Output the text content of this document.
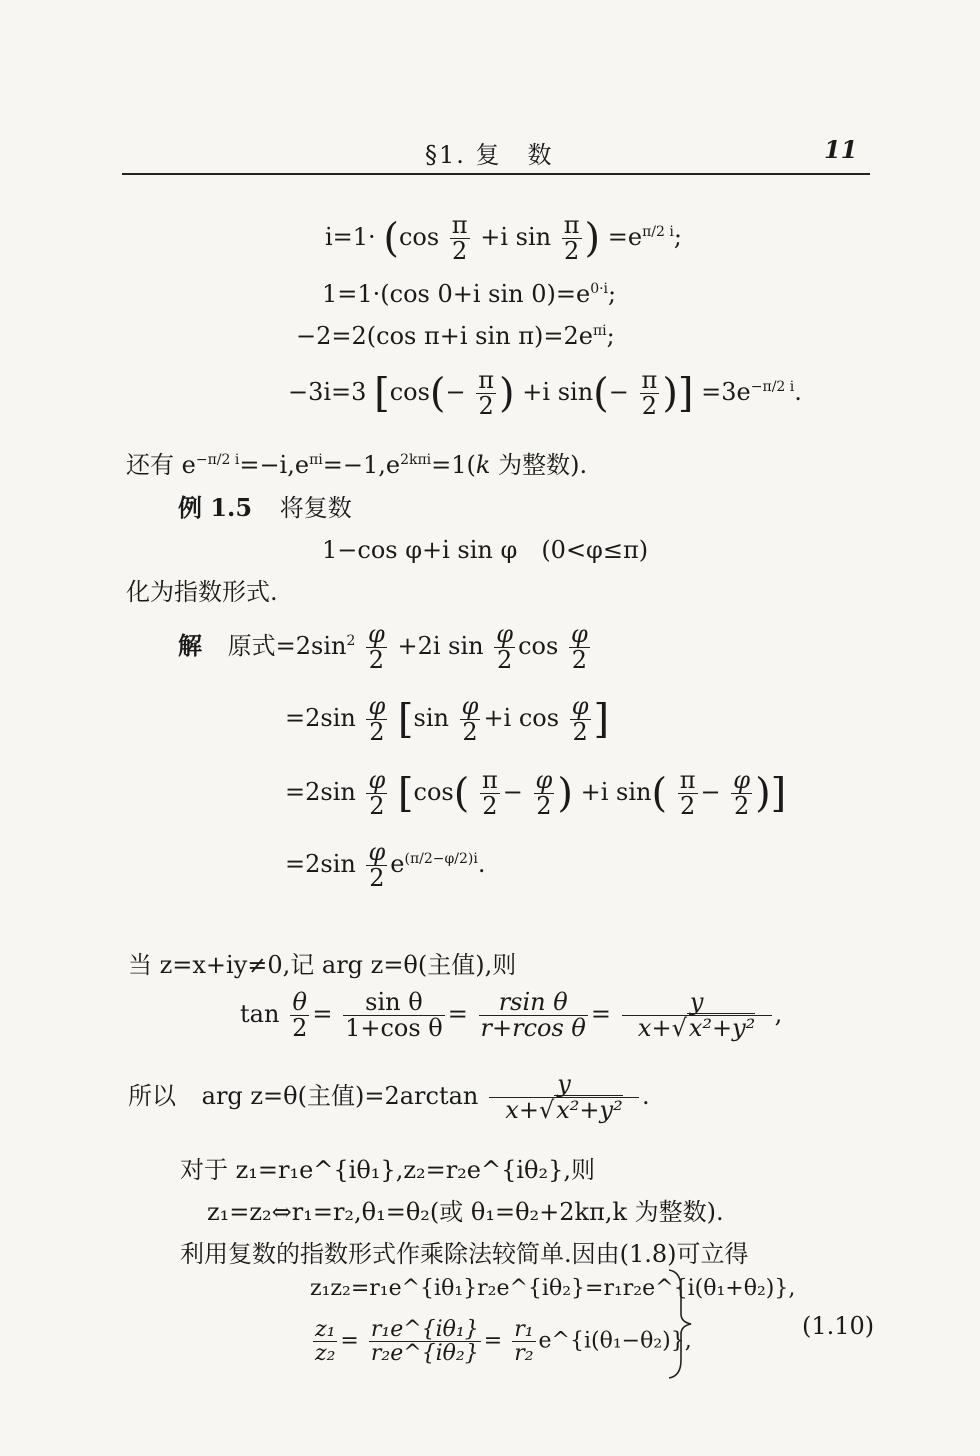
§1. 复　数	11
$i=1\cdot (\cos \frac{\pi}{2} +i$ $\sin \frac{\pi}{2}$ ) $=e^{\pi/2 i}$;
1=1·(cos 0+i $\sin 0)=e^{0\cdot i}$;
−2=2(cos π+i $\sin \pi)=2e^{\pi i}$;
−3i=3 [$\cos(- \frac{\pi}{2}$ ) +i $\sin(- \frac{\pi}{2}$ )] $=3e^{-\pi/2 i}$.
还有 $e^{-\pi/2 i}=-i,e^{\pi i}=-1,e^{2k\pi i}=1(k$ 为整数).
例 1.5 将复数
1−cos φ+i sin φ　(0<φ≤π)
化为指数形式.
解 原式$=2\sin^2 \frac{\varphi}{2} +2i$ $\sin \frac{\varphi}{2}$ $\cos \frac{\varphi}{2}$
$=2\sin \frac{\varphi}{2} [\sin \frac{\varphi}{2} +i$ $\cos \frac{\varphi}{2}$ ]
$=2\sin \frac{\varphi}{2} [\cos( \frac{\pi}{2} - \frac{\varphi}{2}$ ) +i $\sin( \frac{\pi}{2} - \frac{\varphi}{2}$ )]
$=2\sin \frac{\varphi}{2} e^{(\pi/2-\varphi/2)i}$.
当 z=x+iy≠0,记 arg z=θ(主值),则
$\tan \frac{\theta}{2} = \frac{\text{sin θ}}{\text{1+cos θ}} = \frac{\text{rsin θ}}{\text{r+rcos θ}} = \frac{y}{\text{x+√x²+y²}}$ ,
所以 arg z=θ(主值)$=2\arctan \frac{y}{\text{x+√x²+y²}}$ .
对于 z₁=r₁e^{iθ₁},z₂=r₂e^{iθ₂},则
z₁=z₂⇔r₁=r₂,θ₁=θ₂(或 θ₁=θ₂+2kπ,k 为整数).
利用复数的指数形式作乘除法较简单.因由(1.8)可立得
z₁z₂=r₁e^{iθ₁}r₂e^{iθ₂}=r₁r₂e^{i(θ₁+θ₂)},
$\frac{\text{z₁}}{\text{z₂}} = \frac{\text{r₁e\textasciicircum{}\{iθ₁\}}}{\text{r₂e\textasciicircum{}\{iθ₂\}}} = \frac{\text{r₁}}{\text{r₂}}$ e^{i(θ₁−θ₂)},
(1.10)
